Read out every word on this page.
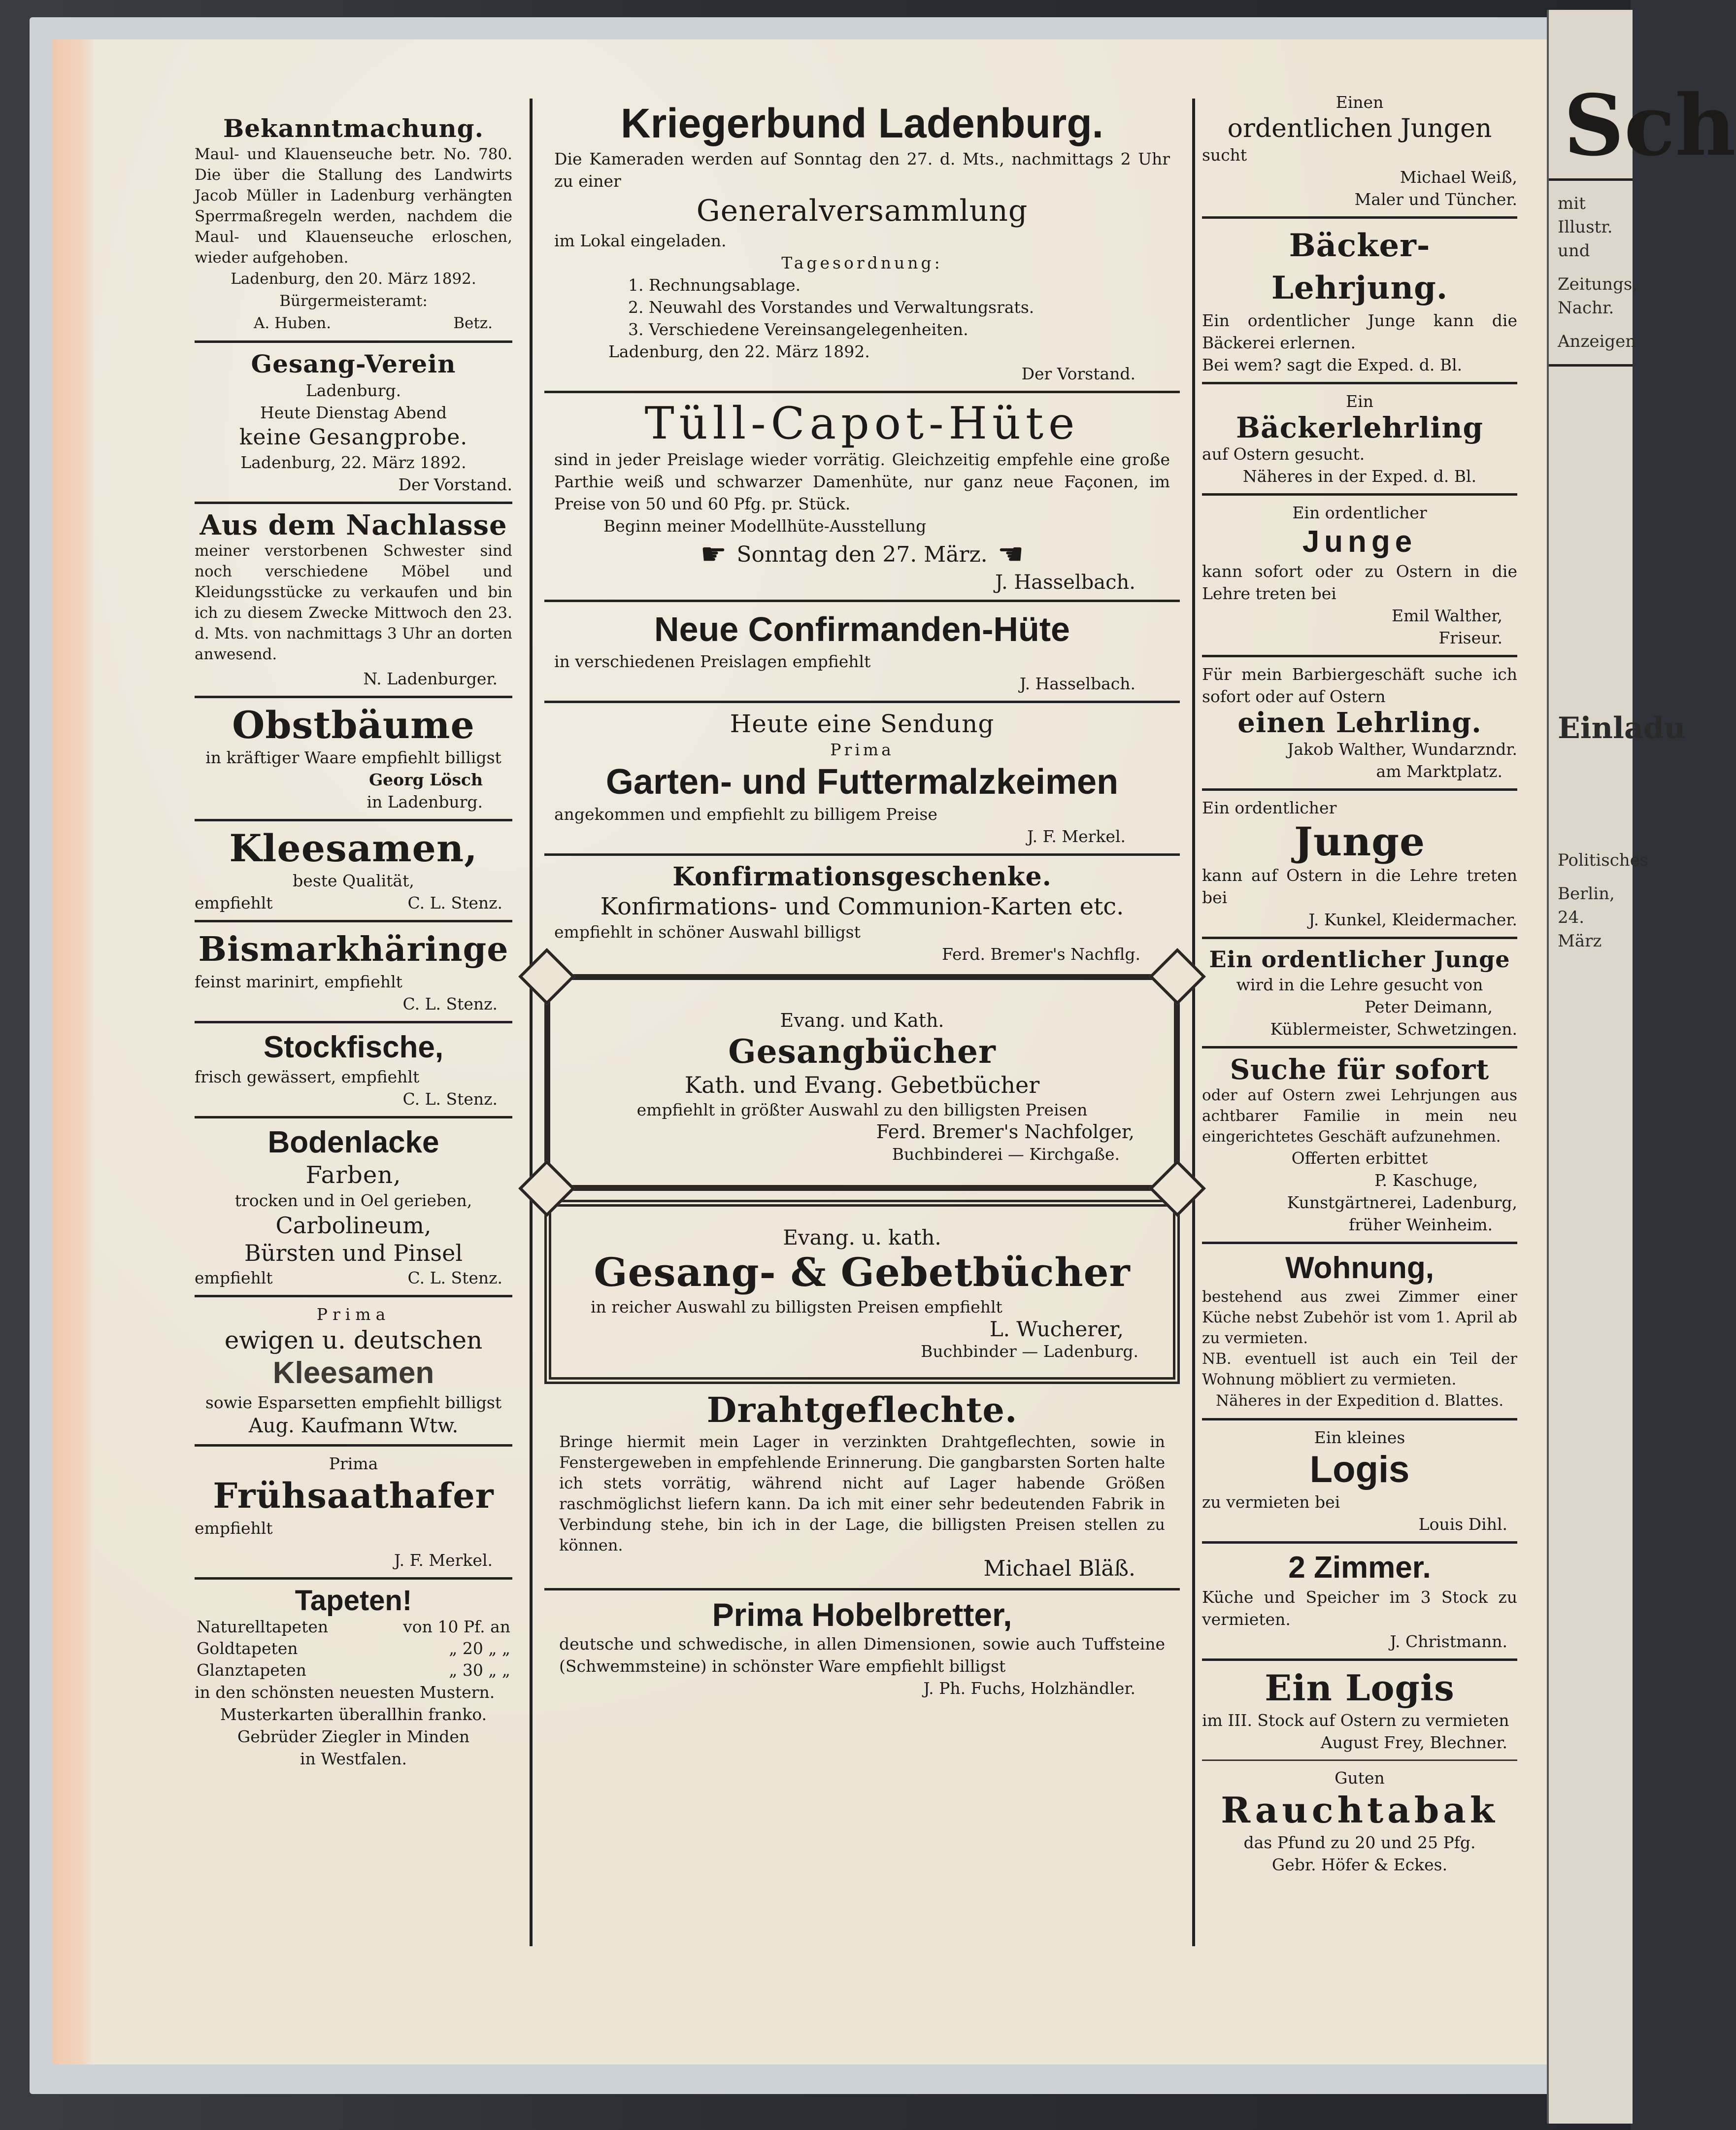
Sch
mit Illustr. und
Zeitungs, Nachr.
Anzeigen
Einladu
Politisches
Berlin, 24. März
Bekanntmachung.
Maul- und Klauenseuche betr. No. 780. Die über die Stallung des Landwirts Jacob Müller in Ladenburg verhängten Sperrmaßregeln werden, nachdem die Maul- und Klauenseuche erloschen, wieder aufgehoben.
Ladenburg, den 20. März 1892.
Bürgermeisteramt:
A. Huben.	Betz.
Gesang-Verein
Ladenburg.
Heute Dienstag Abend
keine Gesangprobe.
Ladenburg, 22. März 1892.
Der Vorstand.
Aus dem Nachlasse
meiner verstorbenen Schwester sind noch verschiedene Möbel und Kleidungsstücke zu verkaufen und bin ich zu diesem Zwecke Mittwoch den 23. d. Mts. von nachmittags 3 Uhr an dorten anwesend.
N. Ladenburger.
Obstbäume
in kräftiger Waare empfiehlt billigst
Georg Lösch
in Ladenburg.
Kleesamen,
beste Qualität,
empfiehlt	C. L. Stenz.
Bismarkhäringe
feinst marinirt, empfiehlt
C. L. Stenz.
Stockfische,
frisch gewässert, empfiehlt
C. L. Stenz.
Bodenlacke
Farben,
trocken und in Oel gerieben,
Carbolineum,
Bürsten und Pinsel
empfiehlt	C. L. Stenz.
Prima
ewigen u. deutschen
Kleesamen
sowie Esparsetten empfiehlt billigst
Aug. Kaufmann Wtw.
Prima
Frühsaathafer
empfiehlt
J. F. Merkel.
Tapeten!
Naturelltapeten	von 10 Pf. an
Goldtapeten	„ 20 „ „
Glanztapeten	„ 30 „ „
in den schönsten neuesten Mustern.
Musterkarten überallhin franko.
Gebrüder Ziegler in Minden
in Westfalen.
Kriegerbund Ladenburg.
Die Kameraden werden auf Sonntag den 27. d. Mts., nachmittags 2 Uhr zu einer
Generalversammlung
im Lokal eingeladen.
Tagesordnung:
1. Rechnungsablage.
2. Neuwahl des Vorstandes und Verwaltungsrats.
3. Verschiedene Vereinsangelegenheiten.
Ladenburg, den 22. März 1892.
Der Vorstand.
Tüll-Capot-Hüte
sind in jeder Preislage wieder vorrätig. Gleichzeitig empfehle eine große Parthie weiß und schwarzer Damenhüte, nur ganz neue Façonen, im Preise von 50 und 60 Pfg. pr. Stück.
Beginn meiner Modellhüte-Ausstellung
☛ Sonntag den 27. März. ☚
J. Hasselbach.
Neue Confirmanden-Hüte
in verschiedenen Preislagen empfiehlt
J. Hasselbach.
Heute eine Sendung
Prima
Garten- und Futtermalzkeimen
angekommen und empfiehlt zu billigem Preise
J. F. Merkel.
Konfirmationsgeschenke.
Konfirmations- und Communion-Karten etc.
empfiehlt in schöner Auswahl billigst
Ferd. Bremer's Nachflg.
Evang. und Kath.
Gesangbücher
Kath. und Evang. Gebetbücher
empfiehlt in größter Auswahl zu den billigsten Preisen
Ferd. Bremer's Nachfolger,
Buchbinderei — Kirchgaße.
Evang. u. kath.
Gesang- & Gebetbücher
in reicher Auswahl zu billigsten Preisen empfiehlt
L. Wucherer,
Buchbinder — Ladenburg.
Drahtgeflechte.
Bringe hiermit mein Lager in verzinkten Drahtgeflechten, sowie in Fenstergeweben in empfehlende Erinnerung. Die gangbarsten Sorten halte ich stets vorrätig, während nicht auf Lager habende Größen raschmöglichst liefern kann. Da ich mit einer sehr bedeutenden Fabrik in Verbindung stehe, bin ich in der Lage, die billigsten Preisen stellen zu können.
Michael Bläß.
Prima Hobelbretter,
deutsche und schwedische, in allen Dimensionen, sowie auch Tuffsteine (Schwemmsteine) in schönster Ware empfiehlt billigst
J. Ph. Fuchs, Holzhändler.
Einen
ordentlichen Jungen
sucht
Michael Weiß,
Maler und Tüncher.
Bäcker-Lehrjung.
Ein ordentlicher Junge kann die Bäckerei erlernen.
Bei wem? sagt die Exped. d. Bl.
Ein
Bäckerlehrling
auf Ostern gesucht.
Näheres in der Exped. d. Bl.
Ein ordentlicher
Junge
kann sofort oder zu Ostern in die Lehre treten bei
Emil Walther,
Friseur.
Für mein Barbiergeschäft suche ich sofort oder auf Ostern
einen Lehrling.
Jakob Walther, Wundarzndr.
am Marktplatz.
Ein ordentlicher
Junge
kann auf Ostern in die Lehre treten bei
J. Kunkel, Kleidermacher.
Ein ordentlicher Junge
wird in die Lehre gesucht von
Peter Deimann,
Küblermeister, Schwetzingen.
Suche für sofort
oder auf Ostern zwei Lehrjungen aus achtbarer Familie in mein neu eingerichtetes Geschäft aufzunehmen.
Offerten erbittet
P. Kaschuge,
Kunstgärtnerei, Ladenburg,
früher Weinheim.
Wohnung,
bestehend aus zwei Zimmer einer Küche nebst Zubehör ist vom 1. April ab zu vermieten.
NB. eventuell ist auch ein Teil der Wohnung möbliert zu vermieten.
Näheres in der Expedition d. Blattes.
Ein kleines
Logis
zu vermieten bei
Louis Dihl.
2 Zimmer.
Küche und Speicher im 3 Stock zu vermieten.
J. Christmann.
Ein Logis
im III. Stock auf Ostern zu vermieten
August Frey, Blechner.
Guten
Rauchtabak
das Pfund zu 20 und 25 Pfg.
Gebr. Höfer & Eckes.
